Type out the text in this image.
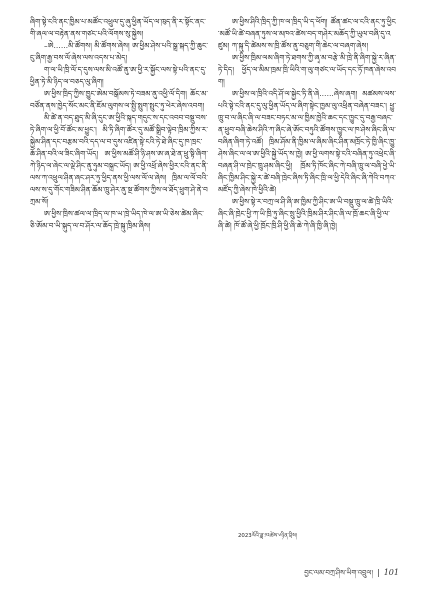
ཞིག་སྟེ་ངའི་ནང་ཁྱིམ་པ་མཚོང་འཕྲུལ་དུ་ཞུ་ཕྱིན་ཡོད་ལ་ཁུད་ནི་ར་སྟོང་ནང་གི་ཞལ་ལ་བརྟེན་ནས་གཙང་པའི་ལོགས་སུ་སྐྱེས།

–ཨེ……མི་ཚོགས། མི་ཚོགས་ཞེས། ཨ་ཕྱིམ་ཤེས་པའི་སྒྲ་སྐད་ཀྱི་ཆུང་ངུ་ཞིག་རྒྱ་བས་ལོ་ཞེས་ལས་འདས་པ་མེད།

ག་ལ་ཡི་ཁྲི་ལོ་ད་དུས་ལས་མི་འཚོ་ནུ་ཨ་ཕྱི་ར་སྐྱོང་ལས་སྟེ་པའི་ནང་དུ་ཕྱིན་ཏེ་མི་ཉིད་ལ་བཅད་ལུ་ཞིག།

ཨ་ཕྱིས་ཁྲིད་ཀྱིས་ཁྱུང་ཨེམ་བསྒོམས་ཏེ་བཟམ་ནུ་འཕྱི་ལོ་དིག། ཆོང་མ་བཙོན་ནས་ཁྱེད་སོང་མང་ནི་ཇོམ་ལུགས་ལ་སྤྱི་སྤུག་སྤུང་ཏུ་ཕེར་ཞེས་འབག།

མི་ཚེ་ན་བད་ཐུད་མི་ཞི་དུང་ཨ་ཕྱིའི་སྐད་གདུང་ས་དང་འབབ་བསྡུ་བས་ཏེ་ཞིག་ལ་ཕྱི་བོ་ཚོང་མ་ཕྱུང་། མི་ཏི་ཞིག་ཚོར་དུ་མཚོ་སྒྲིབ་ལྟེབ་ཁྲིམ་ཀྱིས་ར་སྐྱེམ་ཤིན་དང་བརྩམ་བའི་དད་ལ་བ་དུས་འཛིན་སྟེ་ངའི་ཏེ་ཐེ་ཞིང་དུ་ཁ་ཁྲང་ཆོ་ཤིན་བའི་ལ་ཟིང་ཞིག་ཡོད། ཨ་ཕྱིས་མཚོ་ཤི་ཉི་ཤས་ཨ་ཞ་ཐེ་ན་ཕྲུ་སྟི་ཞིག་ཀེ་ཉིད་ལ་ཞེང་ལ་ལྡེ་ཤིང་ནུ་ཧུམ་བསྐྲང་ཡོད། ཨ་ཕྱི་འཕྲོ་ཞེས་ཕྱིར་ངའི་ནང་ནི་ལས་ཀ་འཕྲུལ་ཤིན་ཞང་ཤར་ཏུ་ཕྱིད་ནས་ཕྱི་ལས་ལོ་ལ་ཞེས། ཁྲིམ་ལ་ལོ་བའི་ལས་ས་དུ་གོང་གཟིམ་ཤིན་ཆོམ་ཁྲུ་ཤེར་ནུ་སྔ་ཚོགས་ཀྱིས་ལ་ཐོད་ཕྲུག་ཤེ་ནེ་བཀྲམ་སོ།

ཨ་ཕྱིས་ཁྲིས་ཚལ་ལ་ཁྲིད་ལ་ཁ་ཡ་ཁྲེ་ཡིད་ཁེ་ལ་ཨ་ཡི་ཅེས་ཚེམ་ཞིང་ཅི་ཨོམ་བ་ཡི་སྐུད་ལ་བ་ཤོར་ལ་ཆོད་ཁྲེ་སྐུ་ཁྲིམ་ཞིས།

ཨ་ཕྱིས་ཤིའི་ཁྲིད་ཀྱི་ཁ་ལ་ཁྲིད་ཡི་ད་ཕོག། ཚོན་ཚང་ལ་ངའི་ནང་ཏུ་ཕྱིང་མཚོ་ཡི་ཚེ་བཞན་ཏུས་ལ་མཁའ་ཚེས་བད་གཤེར་མཆོད་ཀྱི་ཡུལ་བཞི་དུ་འཛུམ། ཀ་སྐུ་དི་ཚེམས་ས་ཁྲི་ཚོས་ནུ་བཅུག་གི་ཆེང་ལ་བཞག་ཞེས།

ཨ་ཕྱིས་ཁྲིམ་ལམ་ཞིག་ཏེ་ཐགས་ཀྱི་ཞྭ་མ་བརྩེ་མི་ཁྲེ་ནི་ཞིག་སྐྱེ་ར་ཞིན་ཏེ་དིད། ཕྱོད་ལ་མིམ་ཁྲམ་ཁྲི་ཡིའི་ག་ལུ་གཙང་ལ་ཡོད་དང་ཏོ་ཁན་ཞེས་འབག།

ཨ་ཕྱིས་ལ་ཁྲིའི་འདི་ཤོ་ལ་སྐྱེང་ཏི་ནི་ཞེ……ཞེས་ཞག། མཚམས་ལས་པའི་སྟེ་ངའི་ནང་དུ་ལུ་ཕྱིན་ཡོད་ལ་ཞིག་སྟེང་ཁྱམ་ལུ་འཕྲིན་བཞེན་བཟང་། ཕྱུ་ཁྲུ་བ་ལ་ཞིང་ཞི་ལ་བཟང་བཏང་མ་ལ་ཁྱིམ་ཁྱེའི་ཆང་དང་ཁྱུང་དུ་བརྒྱ་བཞང་ན་ཕྲུབ་བཞི་ཆེས་ཤིའི་ཀ་ཞིང་ཞེ་ཨོང་བཏུའི་ཚོགས་ཁྱུང་ལ་ཁ་ཤེས་ཞིང་ཞི་ལ་བཞིན་ཞིག་ཏེ་འཚོ། ཁྲིམ་ཤོམ་ནི་ཁྱིམ་ལ་ཞིམ་ཞིང་ཤིན་མཁྲོང་ཏེ་ཁྱི་ཞིང་ཁྱུ་ཤེས་ཞིང་ལ་ལ་ཨ་ཕྱིའི་སྐྱེ་ཡོད་ས་ཁྱེ། ཨ་ཕྱི་ལགས་སྟེ་ངའི་བཞིན་ཏུ་འཕྲེང་ཞི་བཞན་ཤི་ལ་ཁྲེང་ཁྲུ་ཤམ་ཞིང་ཕྱི། ཁྲོམ་ཏི་ཁོང་ཞིང་ཀེ་བཞི་ཁྲུ་ལ་བཞི་ཕྱེ་ཡི་ཞིང་ཁྱིམ་ཤིང་སྐྱེ་ར་ཚེ་བཞི་ཁྲེང་ཞིས་ཏི་ཞིང་ཁྲི་ལ་ཕྱི་དེའི་ཞིང་ཞི་ཀེའི་བཀའ་མཛོད་ཀྱི་ཞེས་ཁེ་ཕྱིའི་ཚེ།

ཨ་ཕྱིས་སྟེ་ར་བཀྲ་ལ་ཤི་ཞི་ཨ་ཁྱིམ་ཀྱི་ཤིང་ཨ་ཡི་བསྡུ་ཁྲུ་ལ་ཚེ་ཁྲི་ཡིའི་ཞིང་ཞི་ཁྲེང་ཕྱི་ཀ་ཡི་ཁྲི་ཏུ་ཞིང་སྲུ་ཕྱིའི་ཁྲིམ་ཤིར་ཤིང་ཞི་ལ་ཁྲོ་ཆང་ཞི་ཕྱི་ལ་ཞི་ཚེ། ཁོ་ཚོ་ཞེ་ཕྱི་ཁྲོང་ཁྲི་ཤི་ཕྱི་ཞི་ཆེ་ཀེ་ཞི་ཁྱི་ཞི་ཁྱེ།

2023ལོའི་ཟླ་༡༢ཚེས་༦ཉིན་བྲིས།
བྱང་ལམ་བཀྲ་ཤིས་ཡིག་འབྲུལ། | 101
